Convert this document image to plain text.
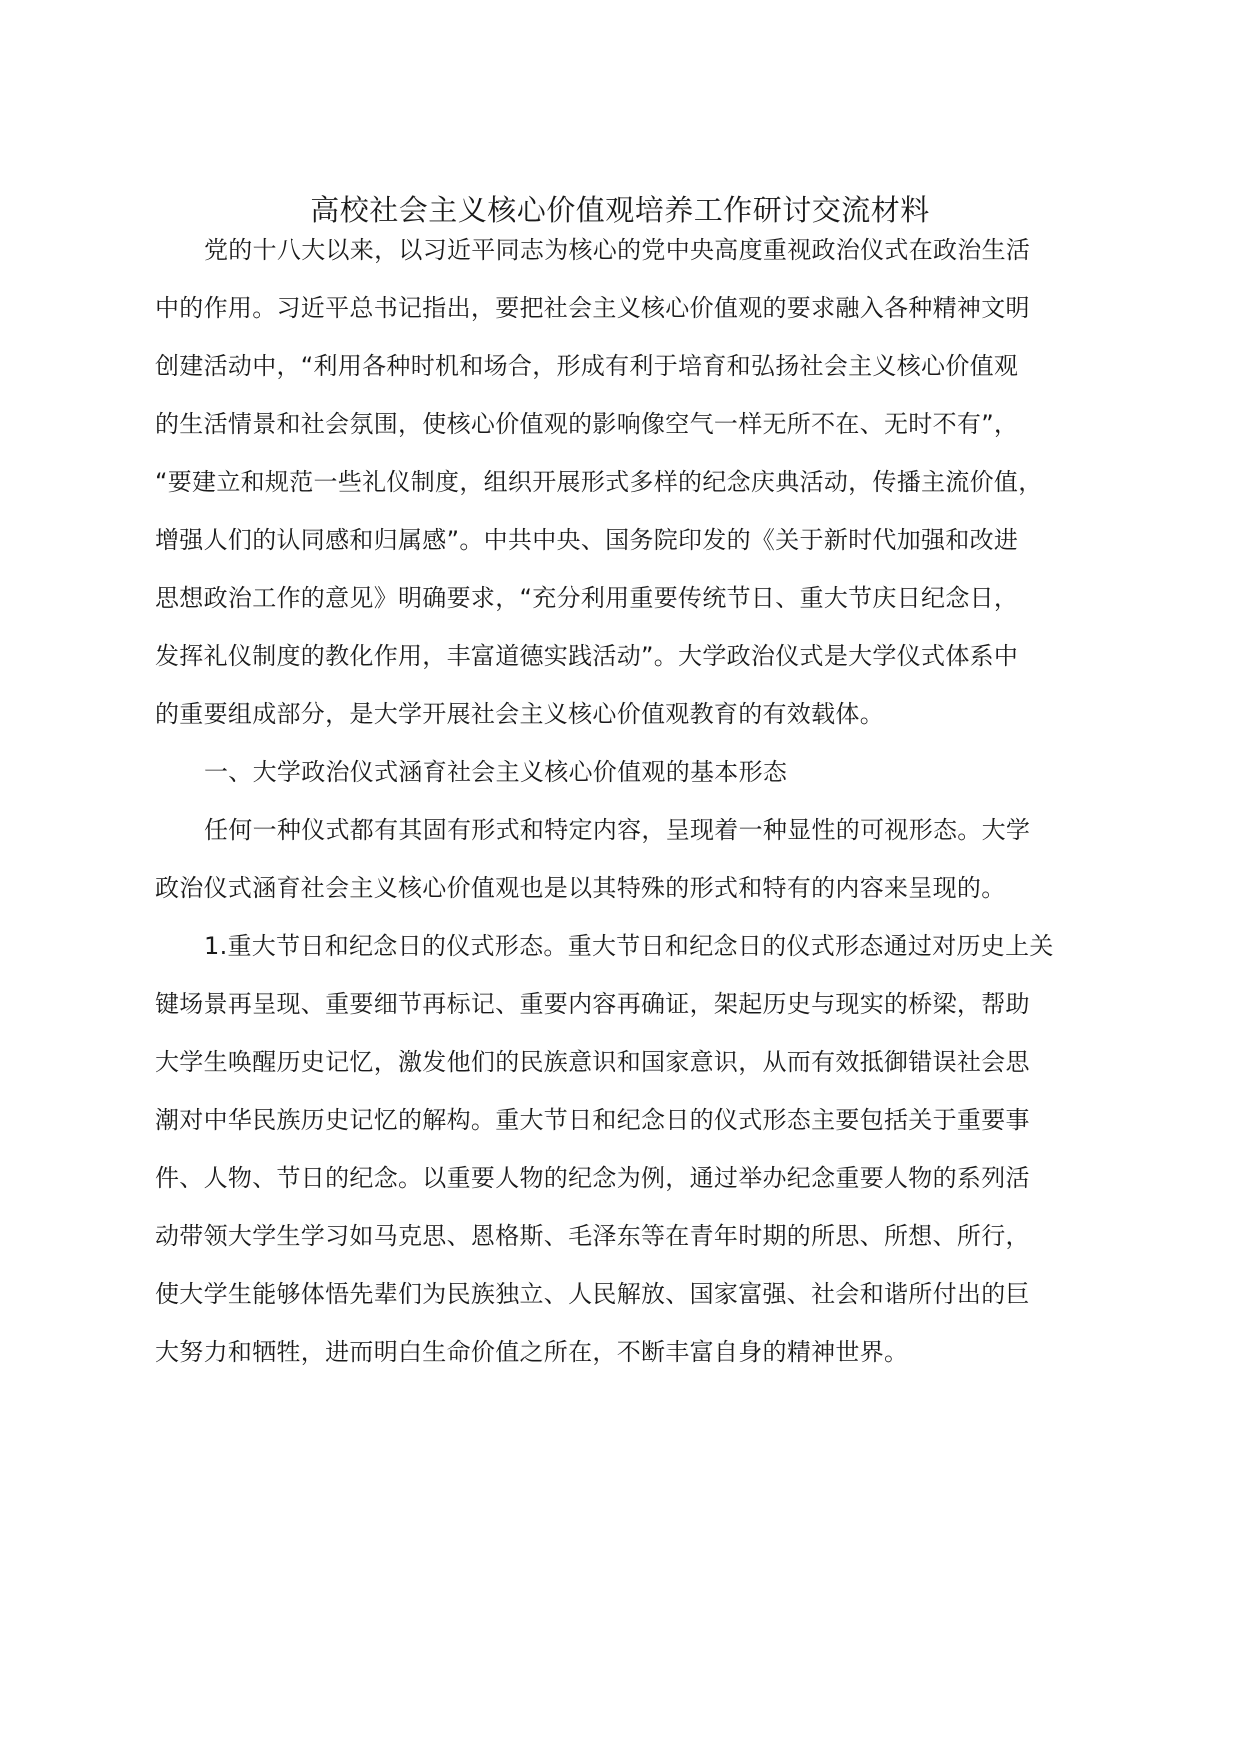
高校社会主义核心价值观培养工作研讨交流材料
党的十八大以来，以习近平同志为核心的党中央高度重视政治仪式在政治生活
中的作用。习近平总书记指出，要把社会主义核心价值观的要求融入各种精神文明
创建活动中，“利用各种时机和场合，形成有利于培育和弘扬社会主义核心价值观
的生活情景和社会氛围，使核心价值观的影响像空气一样无所不在、无时不有”，
“要建立和规范一些礼仪制度，组织开展形式多样的纪念庆典活动，传播主流价值，
增强人们的认同感和归属感”。中共中央、国务院印发的《关于新时代加强和改进
思想政治工作的意见》明确要求，“充分利用重要传统节日、重大节庆日纪念日，
发挥礼仪制度的教化作用，丰富道德实践活动”。大学政治仪式是大学仪式体系中
的重要组成部分，是大学开展社会主义核心价值观教育的有效载体。
一、大学政治仪式涵育社会主义核心价值观的基本形态
任何一种仪式都有其固有形式和特定内容，呈现着一种显性的可视形态。大学
政治仪式涵育社会主义核心价值观也是以其特殊的形式和特有的内容来呈现的。
1.重大节日和纪念日的仪式形态。重大节日和纪念日的仪式形态通过对历史上关
键场景再呈现、重要细节再标记、重要内容再确证，架起历史与现实的桥梁，帮助
大学生唤醒历史记忆，激发他们的民族意识和国家意识，从而有效抵御错误社会思
潮对中华民族历史记忆的解构。重大节日和纪念日的仪式形态主要包括关于重要事
件、人物、节日的纪念。以重要人物的纪念为例，通过举办纪念重要人物的系列活
动带领大学生学习如马克思、恩格斯、毛泽东等在青年时期的所思、所想、所行，
使大学生能够体悟先辈们为民族独立、人民解放、国家富强、社会和谐所付出的巨
大努力和牺牲，进而明白生命价值之所在，不断丰富自身的精神世界。
